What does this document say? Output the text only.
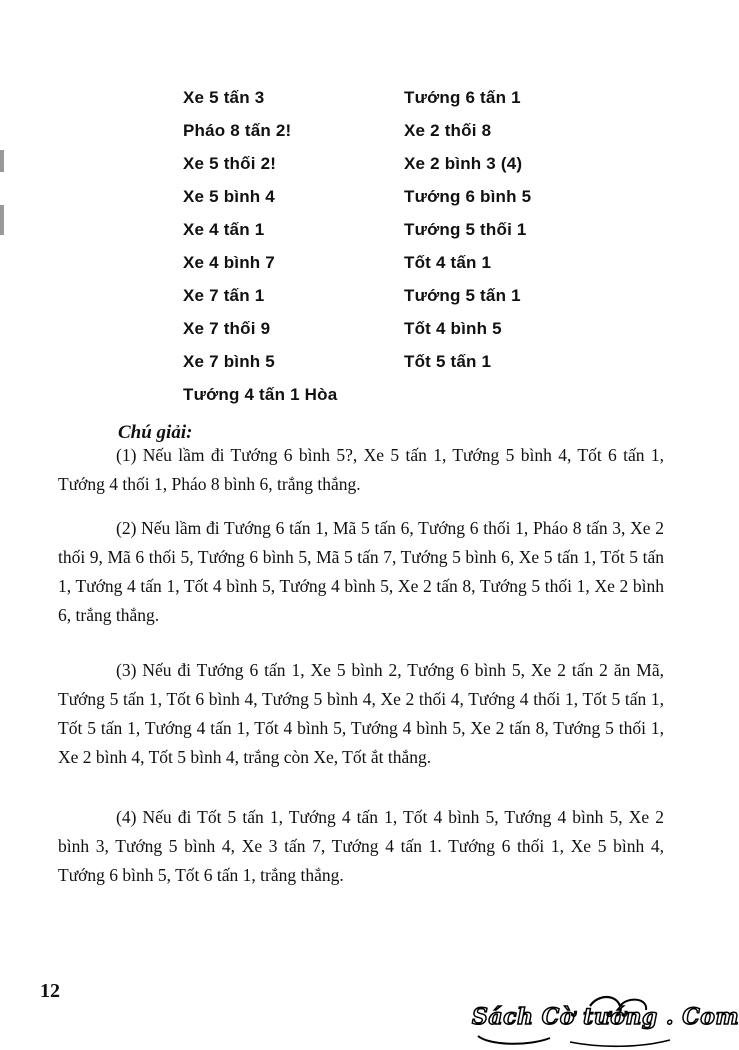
Xe 5 tấn 3
Pháo 8 tấn 2!
Xe 5 thối 2!
Xe 5 bình 4
Xe 4 tấn 1
Xe 4 bình 7
Xe 7 tấn 1
Xe 7 thối 9
Xe 7 bình 5
Tướng 4 tấn 1 Hòa
Tướng 6 tấn 1
Xe 2 thối 8
Xe 2 bình 3 (4)
Tướng 6 bình 5
Tướng 5 thối 1
Tốt 4 tấn 1
Tướng 5 tấn 1
Tốt 4 bình 5
Tốt 5 tấn 1
Chú giải:

(1) Nếu lầm đi Tướng 6 bình 5?, Xe 5 tấn 1, Tướng 5 bình 4, Tốt 6 tấn 1, Tướng 4 thối 1, Pháo 8 bình 6, trắng thắng.

(2) Nếu lầm đi Tướng 6 tấn 1, Mã 5 tấn 6, Tướng 6 thối 1, Pháo 8 tấn 3, Xe 2 thối 9, Mã 6 thối 5, Tướng 6 bình 5, Mã 5 tấn 7, Tướng 5 bình 6, Xe 5 tấn 1, Tốt 5 tấn 1, Tướng 4 tấn 1, Tốt 4 bình 5, Tướng 4 bình 5, Xe 2 tấn 8, Tướng 5 thối 1, Xe 2 bình 6, trắng thắng.

(3) Nếu đi Tướng 6 tấn 1, Xe 5 bình 2, Tướng 6 bình 5, Xe 2 tấn 2 ăn Mã, Tướng 5 tấn 1, Tốt 6 bình 4, Tướng 5 bình 4, Xe 2 thối 4, Tướng 4 thối 1, Tốt 5 tấn 1, Tốt 5 tấn 1, Tướng 4 tấn 1, Tốt 4 bình 5, Tướng 4 bình 5, Xe 2 tấn 8, Tướng 5 thối 1, Xe 2 bình 4, Tốt 5 bình 4, trắng còn Xe, Tốt ắt thắng.

(4) Nếu đi Tốt 5 tấn 1, Tướng 4 tấn 1, Tốt 4 bình 5, Tướng 4 bình 5, Xe 2 bình 3, Tướng 5 bình 4, Xe 3 tấn 7, Tướng 4 tấn 1. Tướng 6 thối 1, Xe 5 bình 4, Tướng 6 bình 5, Tốt 6 tấn 1, trắng thắng.

12
Sách Cờ tướng . Com
